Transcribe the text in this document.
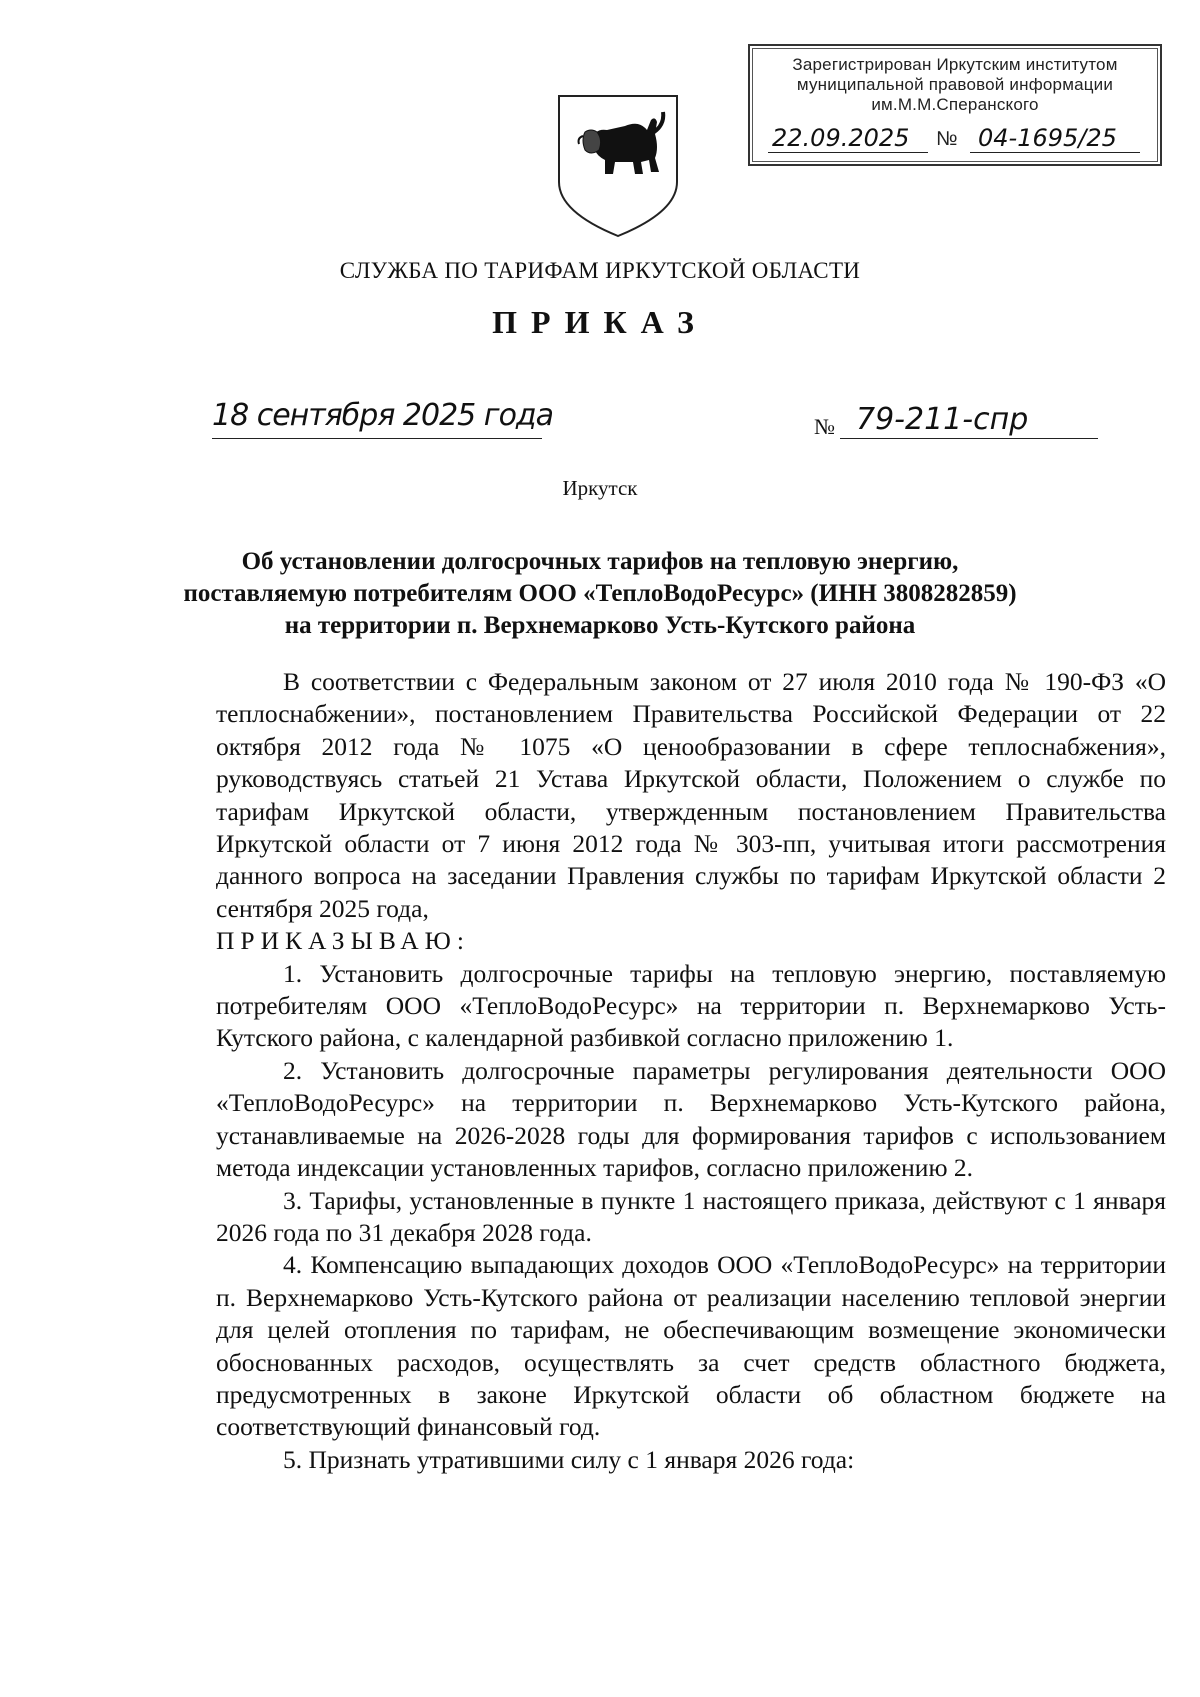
Зарегистрирован Иркутским институтом
муниципальной правовой информации
им.М.М.Сперанского
22.09.2025 № 04-1695/25
СЛУЖБА ПО ТАРИФАМ ИРКУТСКОЙ ОБЛАСТИ
ПРИКАЗ
18 сентября 2025 года	№ 79-211-спр
Иркутск
Об установлении долгосрочных тарифов на тепловую энергию,
поставляемую потребителям ООО «ТеплоВодоРесурс» (ИНН 3808282859)
на территории п. Верхнемарково Усть-Кутского района

В соответствии с Федеральным законом от 27 июля 2010 года № 190-ФЗ «О теплоснабжении», постановлением Правительства Российской Федерации от 22 октября 2012 года № 1075 «О ценообразовании в сфере теплоснабжения», руководствуясь статьей 21 Устава Иркутской области, Положением о службе по тарифам Иркутской области, утвержденным постановлением Правительства Иркутской области от 7 июня 2012 года № 303-пп, учитывая итоги рассмотрения данного вопроса на заседании Правления службы по тарифам Иркутской области 2 сентября 2025 года,

ПРИКАЗЫВАЮ:

1. Установить долгосрочные тарифы на тепловую энергию, поставляемую потребителям ООО «ТеплоВодоРесурс» на территории п. Верхнемарково Усть-Кутского района, с календарной разбивкой согласно приложению 1.

2. Установить долгосрочные параметры регулирования деятельности ООО «ТеплоВодоРесурс» на территории п. Верхнемарково Усть-Кутского района, устанавливаемые на 2026-2028 годы для формирования тарифов с использованием метода индексации установленных тарифов, согласно приложению 2.

3. Тарифы, установленные в пункте 1 настоящего приказа, действуют с 1 января 2026 года по 31 декабря 2028 года.

4. Компенсацию выпадающих доходов ООО «ТеплоВодоРесурс» на территории п. Верхнемарково Усть-Кутского района от реализации населению тепловой энергии для целей отопления по тарифам, не обеспечивающим возмещение экономически обоснованных расходов, осуществлять за счет средств областного бюджета, предусмотренных в законе Иркутской области об областном бюджете на соответствующий финансовый год.

5. Признать утратившими силу с 1 января 2026 года:
